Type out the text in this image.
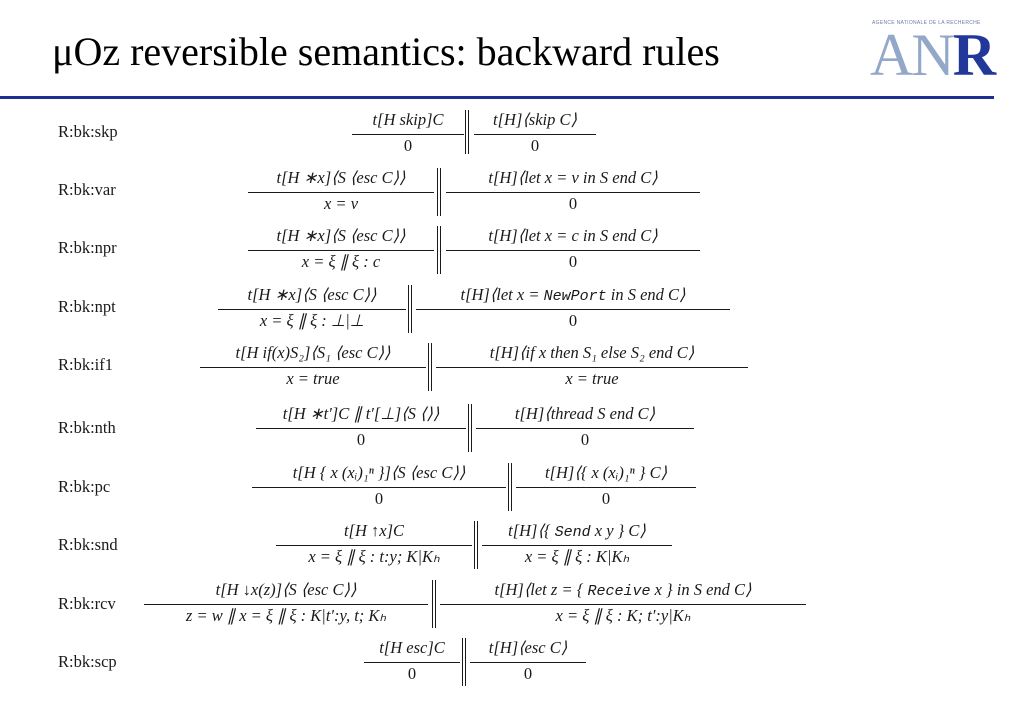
μOz reversible semantics: backward rules
AGENCE NATIONALE DE LA RECHERCHE
ANR
R:bk:skp
t[H skip]C
0
t[H]⟨skip C⟩
0
R:bk:var
t[H ∗x]⟨S ⟨esc C⟩⟩
x = v
t[H]⟨let x = v in S end C⟩
0
R:bk:npr
t[H ∗x]⟨S ⟨esc C⟩⟩
x = ξ ∥ ξ : c
t[H]⟨let x = c in S end C⟩
0
R:bk:npt
t[H ∗x]⟨S ⟨esc C⟩⟩
x = ξ ∥ ξ : ⊥|⊥
t[H]⟨let x = NewPort in S end C⟩
0
R:bk:if1
t[H if(x)S₂]⟨S₁ ⟨esc C⟩⟩
x = true
t[H]⟨if x then S₁ else S₂ end C⟩
x = true
R:bk:nth
t[H ∗t′]C ∥ t′[⊥]⟨S ⟨⟩⟩
0
t[H]⟨thread S end C⟩
0
R:bk:pc
t[H { x (xᵢ)₁ⁿ }]⟨S ⟨esc C⟩⟩
0
t[H]⟨{ x (xᵢ)₁ⁿ } C⟩
0
R:bk:snd
t[H ↑x]C
x = ξ ∥ ξ : t:y; K|Kₕ
t[H]⟨{ Send x y } C⟩
x = ξ ∥ ξ : K|Kₕ
R:bk:rcv
t[H ↓x(z)]⟨S ⟨esc C⟩⟩
z = w ∥ x = ξ ∥ ξ : K|t′:y, t; Kₕ
t[H]⟨let z = { Receive x } in S end C⟩
x = ξ ∥ ξ : K; t′:y|Kₕ
R:bk:scp
t[H esc]C
0
t[H]⟨esc C⟩
0
